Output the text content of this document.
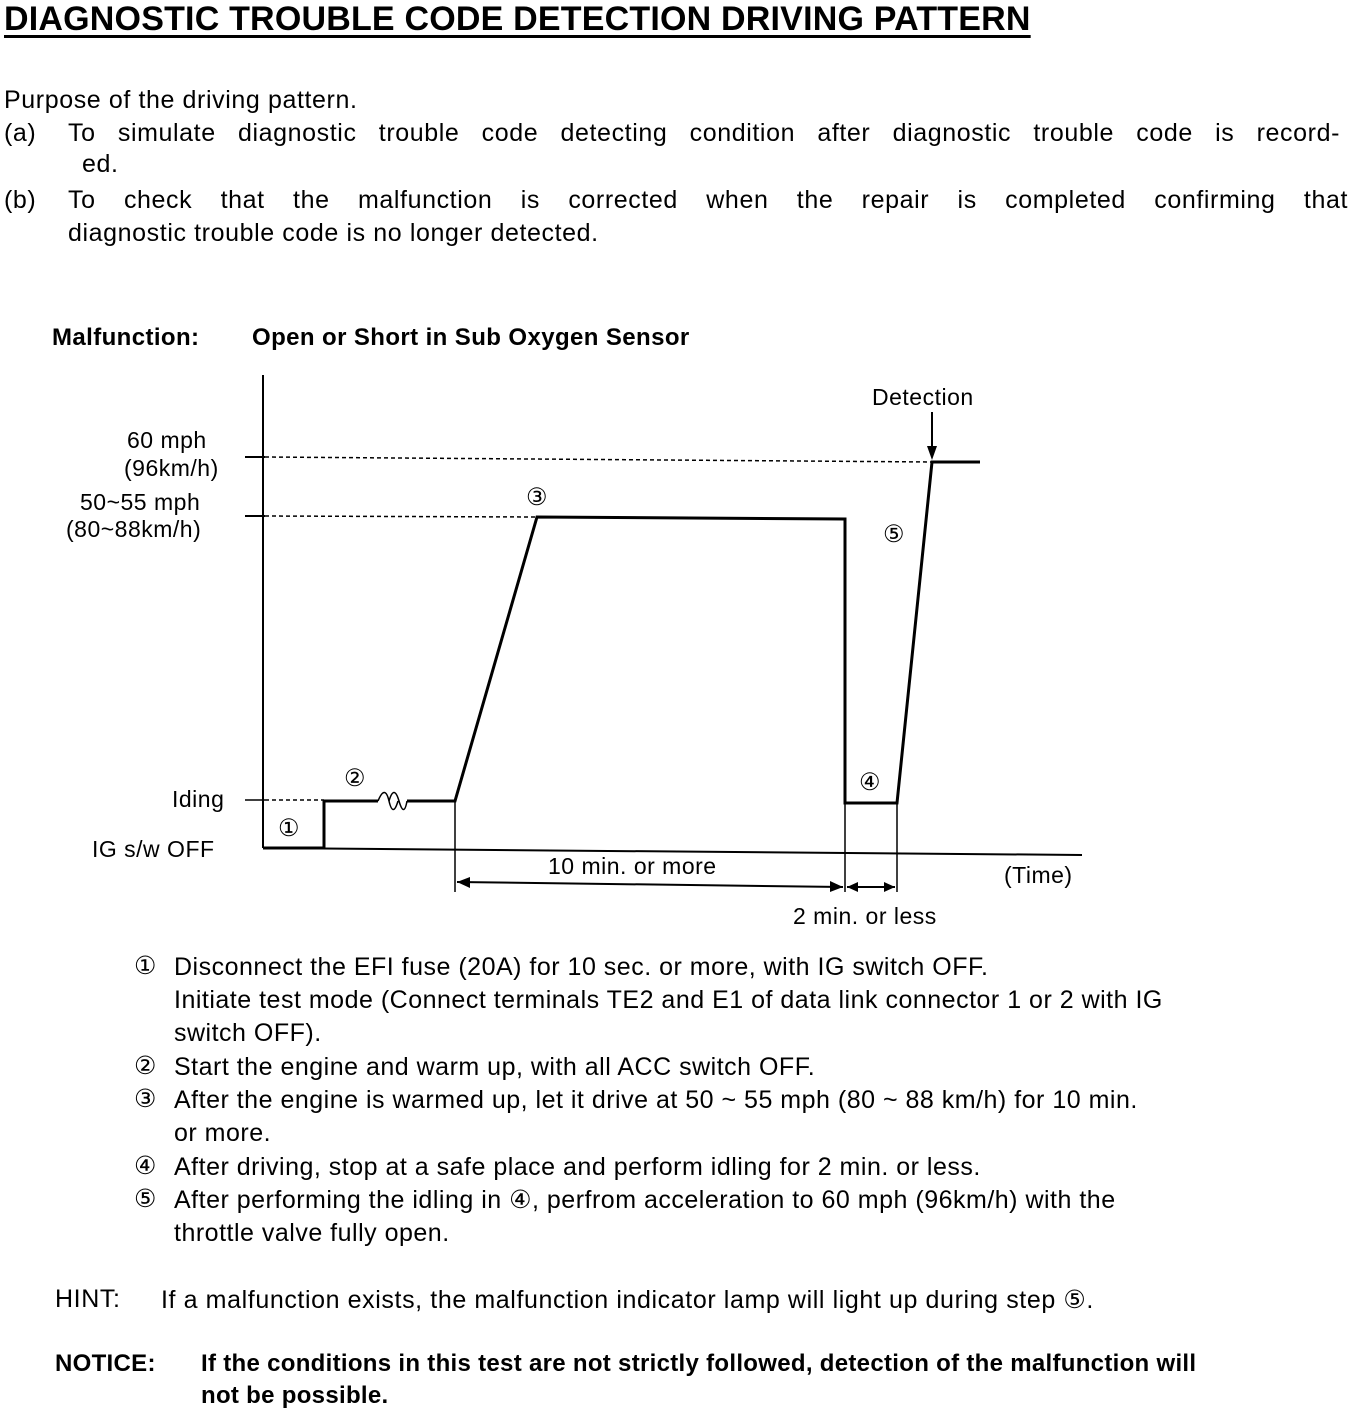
DIAGNOSTIC TROUBLE CODE DETECTION DRIVING PATTERN
Purpose of the driving pattern.
(a) To simulate diagnostic trouble code detecting condition after diagnostic trouble code is record-
ed.
(b) To check that the malfunction is corrected when the repair is completed confirming that
diagnostic trouble code is no longer detected.
Malfunction: Open or Short in Sub Oxygen Sensor
Detection
60 mph
(96km/h)
50~55 mph
(80~88km/h)
Iding
IG s/w OFF
(Time)
10 min. or more
2 min. or less
①
②
③
④
⑤
① Disconnect the EFI fuse (20A) for 10 sec. or more, with IG switch OFF.
Initiate test mode (Connect terminals TE2 and E1 of data link connector 1 or 2 with IG
switch OFF).
② Start the engine and warm up, with all ACC switch OFF.
③ After the engine is warmed up, let it drive at 50 ~ 55 mph (80 ~ 88 km/h) for 10 min.
or more.
④ After driving, stop at a safe place and perform idling for 2 min. or less.
⑤ After performing the idling in ④, perfrom acceleration to 60 mph (96km/h) with the
throttle valve fully open.
HINT: If a malfunction exists, the malfunction indicator lamp will light up during step ⑤.
NOTICE: If the conditions in this test are not strictly followed, detection of the malfunction will
not be possible.
